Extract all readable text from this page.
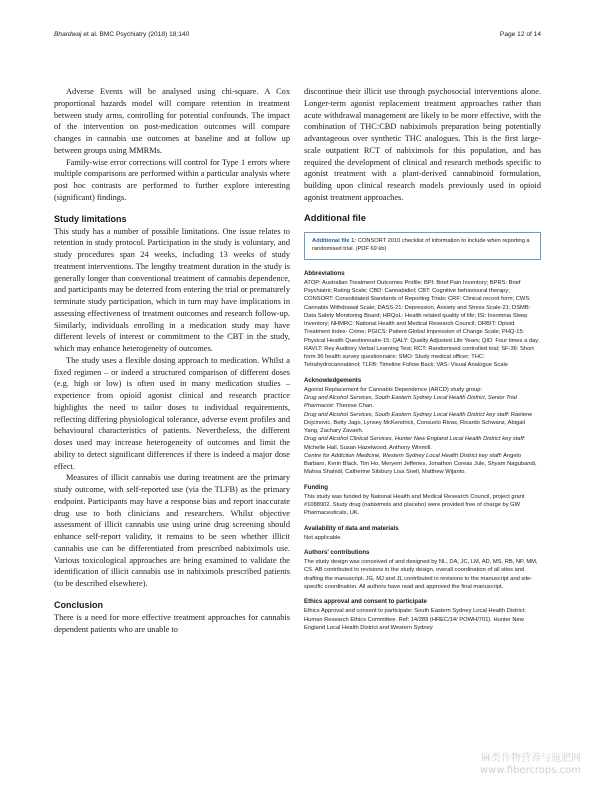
Bhardwaj et al. BMC Psychiatry (2018) 18:140	Page 12 of 14

Adverse Events will be analysed using chi-square. A Cox proportional hazards model will compare retention in treatment between study arms, controlling for potential confounds. The impact of the intervention on post-medication outcomes will compare changes in cannabis use outcomes at baseline and at follow up between groups using MMRMs.

Family-wise error corrections will control for Type 1 errors where multiple comparisons are performed within a particular analysis where post hoc contrasts are performed to further explore interesting (significant) findings.

Study limitations

This study has a number of possible limitations. One issue relates to retention in study protocol. Participation in the study is voluntary, and study procedures span 24 weeks, including 13 weeks of study treatment interventions. The lengthy treatment duration in the study is generally longer than conventional treatment of cannabis dependence, and participants may be deterred from entering the trial or prematurely terminate study participation, which in turn may have implications in assessing effectiveness of treatment outcomes and research follow-up. Similarly, individuals enrolling in a medication study may have different levels of interest or commitment to the CBT in the study, which may enhance heterogeneity of outcomes.

The study uses a flexible dosing approach to medication. Whilst a fixed regimen – or indeed a structured comparison of different doses (e.g. high or low) is often used in many medication studies – experience from opioid agonist clinical and research practice highlights the need to tailor doses to individual requirements, reflecting differing physiological tolerance, adverse event profiles and behavioural characteristics of patients. Nevertheless, the different doses used may increase heterogeneity of outcomes and limit the ability to detect significant differences if there is indeed a major dose effect.

Measures of illicit cannabis use during treatment are the primary study outcome, with self-reported use (via the TLFB) as the primary endpoint. Participants may have a response bias and report inaccurate drug use to both clinicians and researchers. Whilst objective assessment of illicit cannabis use using urine drug screening should enhance self-report validity, it remains to be seen whether illicit cannabis use can be differentiated from prescribed nabiximols use. Various toxicological approaches are being examined to validate the identification of illicit cannabis use in nabiximols prescribed patients (to be described elsewhere).

Conclusion

There is a need for more effective treatment approaches for cannabis dependent patients who are unable to

discontinue their illicit use through psychosocial interventions alone. Longer-term agonist replacement treatment approaches rather than acute withdrawal management are likely to be more effective, with the combination of THC:CBD nabiximols preparation being potentially advantageous over synthetic THC analogues. This is the first large-scale outpatient RCT of nabiximols for this population, and has required the development of clinical and research methods specific to agonist treatment with a plant-derived cannabinoid formulation, building upon clinical research models previously used in opioid agonist treatment approaches.

Additional file
Additional file 1: CONSORT 2010 checklist of information to include when reporting a randomised trial. (PDF 69 kb)
Abbreviations
ATOP: Australian Treatment Outcomes Profile; BPI: Brief Pain Inventory; BPRS: Brief Psychiatric Rating Scale; CBD: Cannabidiol; CBT: Cognitive behavioural therapy; CONSORT: Consolidated Standards of Reporting Trials; CRF: Clinical record form; CWS: Cannabis Withdrawal Scale; DASS-21: Depression, Anxiety and Stress Scale-21; DSMB: Data Safety Monitoring Board; HRQoL: Health related quality of life; ISI: Insomnia Sleep Inventory; NHMRC: National Health and Medical Research Council; ORBIT: Opioid Treatment Index- Crime; PGICS: Patient Global Impression of Change Scale; PHQ-15: Physical Health Questionnaire-15; QALY: Quality Adjusted Life Years; QID: Four times a day; RAVLT: Rey Auditory Verbal Learning Test; RCT: Randomised controlled trial; SF-36: Short form 36 health survey questionnaire; SMO: Study medical officer; THC: Tetrahydrocannabinol; TLFB: Timeline Follow Back; VAS: Visual Analogue Scale
Acknowledgements
Agonist Replacement for Cannabis Dependence (ARCD) study group:
Drug and Alcohol Services, South Eastern Sydney Local Health District, Senior Trial Pharmacist: Therese Chan.
Drug and Alcohol Services, South Eastern Sydney Local Health District key staff: Raelene Dojcinovic, Betty Jago, Lynsey McKendrick, Consuelo Rivas, Ricardo Schwanz, Abigail Yang, Zachary Zavaeh.
Drug and Alcohol Clinical Services, Hunter New England Local Health District key staff: Michelle Hall, Susan Hazelwood, Anthony Winmill.
Centre for Addiction Medicine, Western Sydney Local Health District key staff: Angelo Barbaro, Kerin Black, Tim Ho, Meryem Jefferies, Jonathon Coreas Jule, Shyam Nagubandi, Mahsa Shahidi, Catherine Silsbury Lisa Snell, Matthew Wijanto.
Funding
This study was funded by National Health and Medical Research Council, project grant #1088902. Study drug (nabiximols and placebo) were provided free of charge by GW Pharmaceuticals, UK.
Availability of data and materials
Not applicable.
Authors' contributions
The study design was conceived of and designed by NL, DA, JC, LM, AD, MS, RB, NP, MM, CS. AB contributed to revisions in the study design, overall coordination of all sites and drafting the manuscript. JG, MJ and JL contributed in revisions to the manuscript and site-specific coordination. All authors have read and approved the final manuscript.
Ethics approval and consent to participate
Ethics Approval and consent to participate: South Eastern Sydney Local Health District: Human Research Ethics Committee. Ref: 14/289 (HREC/14/ POWH/701). Hunter New England Local Health District and Western Sydney
麻类作物营养与施肥网
www.fibercrops.com
